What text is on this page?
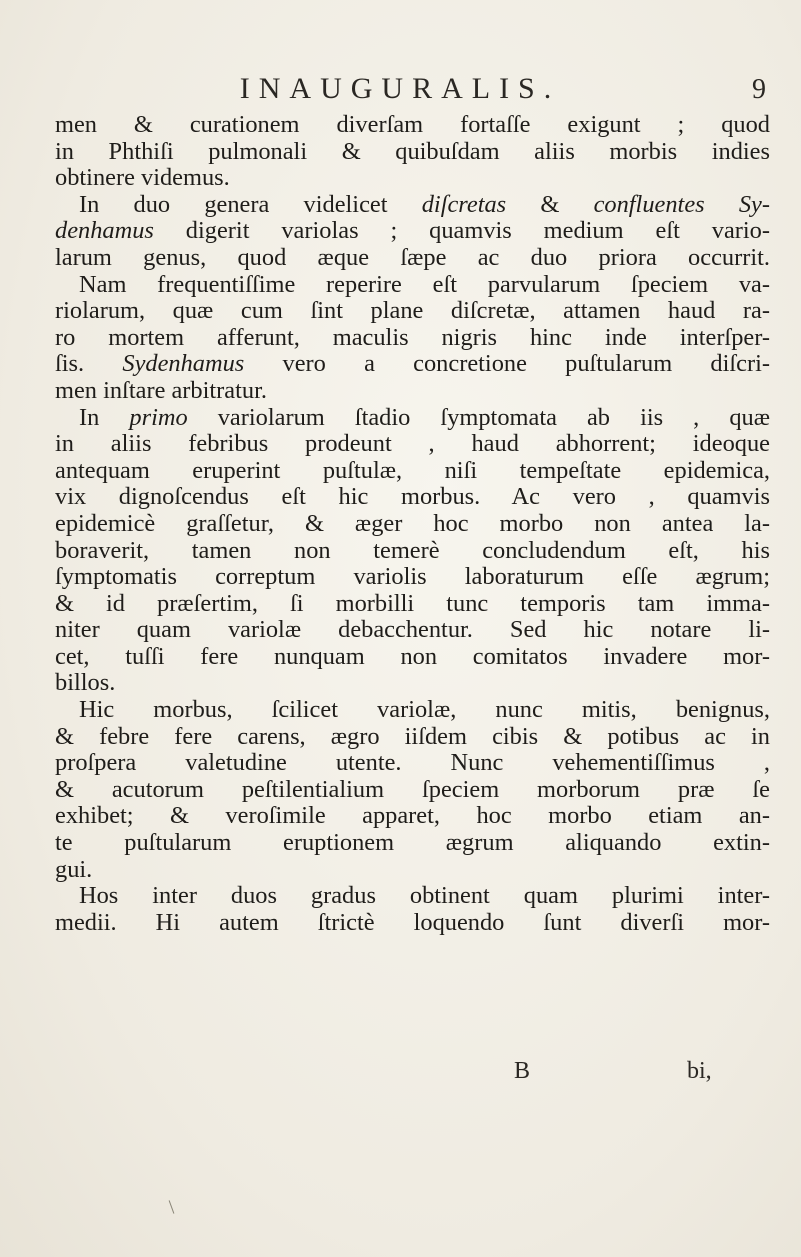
INAUGURALIS.	9
men & curationem diverſam fortaſſe exigunt ; quod
in Phthiſi pulmonali & quibuſdam aliis morbis indies
obtinere videmus.
In duo genera videlicet diſcretas & confluentes Sy-
denhamus digerit variolas ; quamvis medium eſt vario-
larum genus, quod æque ſæpe ac duo priora occurrit.
Nam frequentiſſime reperire eſt parvularum ſpeciem va-
riolarum, quæ cum ſint plane diſcretæ, attamen haud ra-
ro mortem afferunt, maculis nigris hinc inde interſper-
ſis. Sydenhamus vero a concretione puſtularum diſcri-
men inſtare arbitratur.
In primo variolarum ſtadio ſymptomata ab iis , quæ
in aliis febribus prodeunt , haud abhorrent; ideoque
antequam eruperint puſtulæ, niſi tempeſtate epidemica,
vix dignoſcendus eſt hic morbus. Ac vero , quamvis
epidemicè graſſetur, & æger hoc morbo non antea la-
boraverit, tamen non temerè concludendum eſt, his
ſymptomatis correptum variolis laboraturum eſſe ægrum;
& id præſertim, ſi morbilli tunc temporis tam imma-
niter quam variolæ debacchentur. Sed hic notare li-
cet, tuſſi fere nunquam non comitatos invadere mor-
billos.
Hic morbus, ſcilicet variolæ, nunc mitis, benignus,
& febre fere carens, ægro iiſdem cibis & potibus ac in
proſpera valetudine utente. Nunc vehementiſſimus ,
& acutorum peſtilentialium ſpeciem morborum præ ſe
exhibet; & veroſimile apparet, hoc morbo etiam an-
te puſtularum eruptionem ægrum aliquando extin-
gui.
Hos inter duos gradus obtinent quam plurimi inter-
medii. Hi autem ſtrictè loquendo ſunt diverſi mor-
B	bi,
